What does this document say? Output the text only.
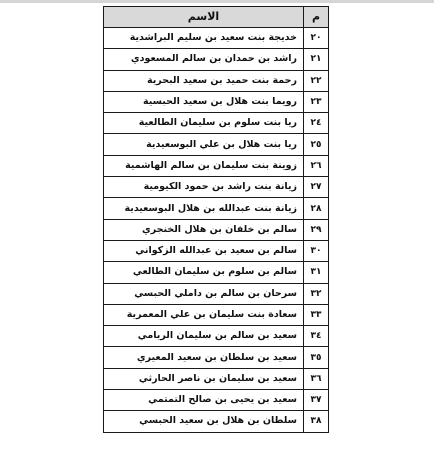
م	الاسم
٢٠	خديجة بنت سعيد بن سليم البراشدية
٢١	راشد بن حمدان بن سالم المسعودي
٢٢	رحمة بنت حميد بن سعيد البحرية
٢٣	رويما بنت هلال بن سعيد الحبسية
٢٤	ريا بنت سلوم بن سليمان الطالعية
٢٥	ريا بنت هلال بن علي البوسعيدية
٢٦	زوينة بنت سليمان بن سالم الهاشمية
٢٧	زيانة بنت راشد بن حمود الكيومية
٢٨	زيانة بنت عبدالله بن هلال البوسعيدية
٢٩	سالم بن خلفان بن هلال الخنجري
٣٠	سالم بن سعيد بن عبدالله الزكواني
٣١	سالم بن سلوم بن سليمان الطالعي
٣٢	سرحان بن سالم بن داملي الحبسي
٣٣	سعادة بنت سليمان بن علي المعمرية
٣٤	سعيد بن سالم بن سليمان الريامي
٣٥	سعيد بن سلطان بن سعيد المعيري
٣٦	سعيد بن سليمان بن ناصر الحارثي
٣٧	سعيد بن يحيى بن صالح التمتمي
٣٨	سلطان بن هلال بن سعيد الحبسي
